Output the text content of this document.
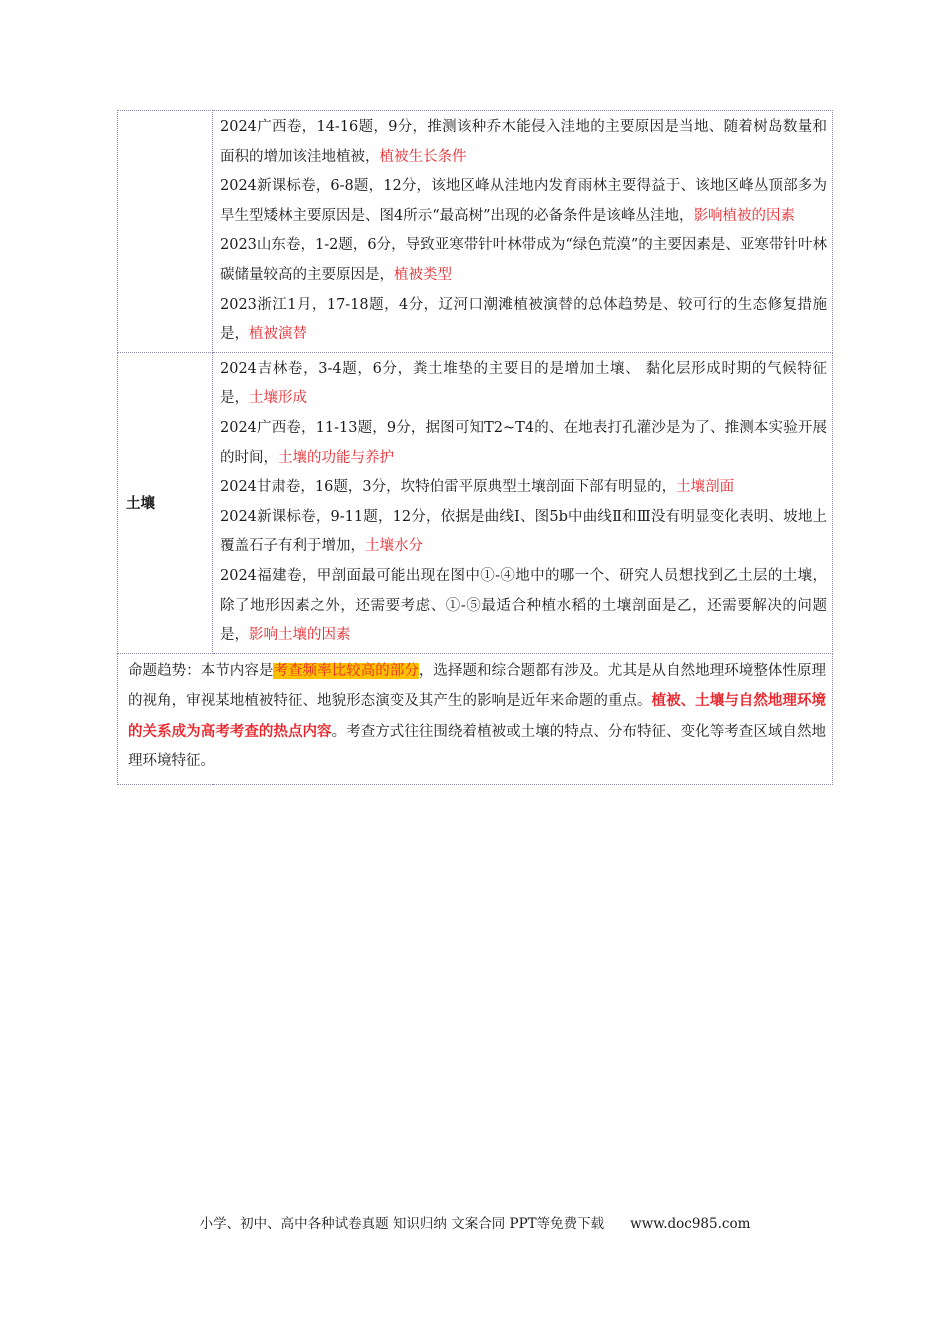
	2024广西卷，14-16题，9分，推测该种乔木能侵入洼地的主要原因是当地、随着树岛数量和面积的增加该洼地植被，植被生长条件
2024新课标卷，6-8题，12分，该地区峰从洼地内发育雨林主要得益于、该地区峰丛顶部多为旱生型矮林主要原因是、图4所示“最高树”出现的必备条件是该峰丛洼地，影响植被的因素
2023山东卷，1-2题，6分，导致亚寒带针叶林带成为“绿色荒漠”的主要因素是、亚寒带针叶林碳储量较高的主要原因是，植被类型
2023浙江1月，17-18题，4分，辽河口潮滩植被演替的总体趋势是、较可行的生态修复措施是，植被演替

土壤	2024吉林卷，3-4题，6分，粪土堆垫的主要目的是增加土壤、 黏化层形成时期的气候特征是，土壤形成
2024广西卷，11-13题，9分，据图可知T2~T4的、在地表打孔灌沙是为了、推测本实验开展的时间，土壤的功能与养护
2024甘肃卷，16题，3分，坎特伯雷平原典型土壤剖面下部有明显的，土壤剖面
2024新课标卷，9-11题，12分，依据是曲线Ⅰ、图5b中曲线Ⅱ和Ⅲ没有明显变化表明、坡地上覆盖石子有利于增加，土壤水分
2024福建卷，甲剖面最可能出现在图中①-④地中的哪一个、研究人员想找到乙土层的土壤，除了地形因素之外，还需要考虑、①-⑤最适合种植水稻的土壤剖面是乙，还需要解决的问题是，影响土壤的因素

命题趋势：本节内容是考查频率比较高的部分，选择题和综合题都有涉及。尤其是从自然地理环境整体性原理的视角，审视某地植被特征、地貌形态演变及其产生的影响是近年来命题的重点。植被、土壤与自然地理环境的关系成为高考考查的热点内容。考查方式往往围绕着植被或土壤的特点、分布特征、变化等考查区域自然地理环境特征。	
小学、初中、高中各种试卷真题 知识归纳 文案合同 PPT等免费下载 www.doc985.com
